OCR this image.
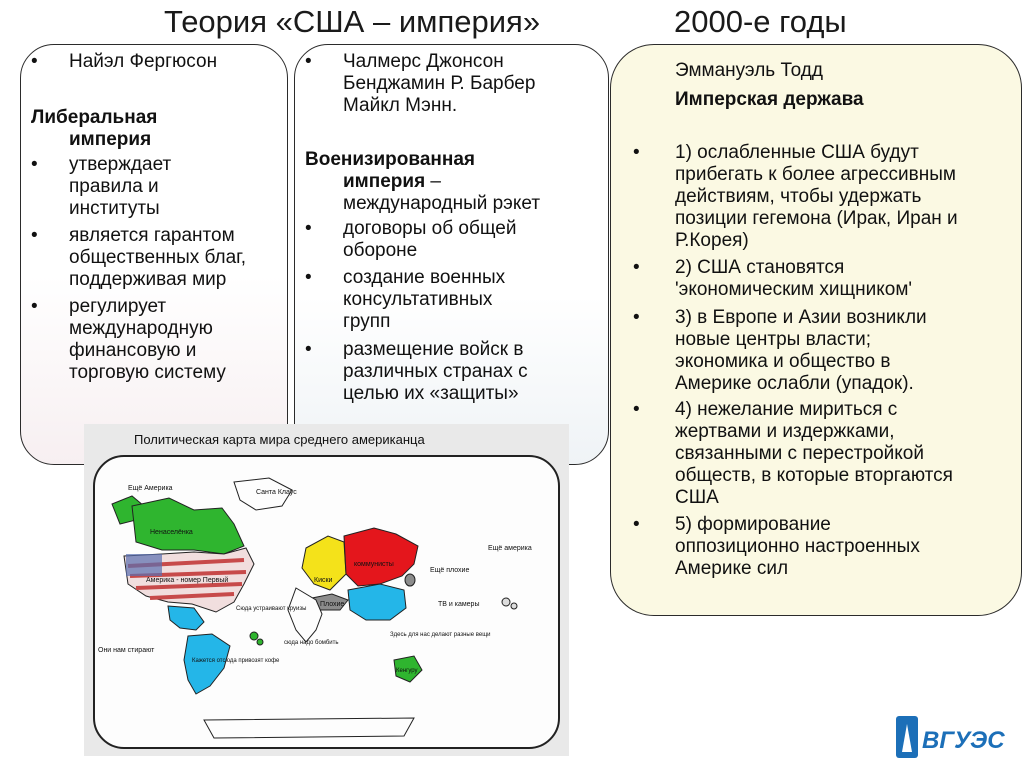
Теория «США – империя»	2000-е годы
• Найэл Фергюсон
Либеральная
империя
• утверждает
правила и
институты
• является гарантом
общественных благ,
поддерживая мир
• регулирует
международную
финансовую и
торговую систему
• Чалмерс Джонсон
Бенджамин Р. Барбер
Майкл Мэнн.
Военизированная
империя –
международный рэкет
• договоры об общей
обороне
• создание военных
консультативных
групп
• размещение войск в
различных странах с
целью их «защиты»
Эммануэль Тодд
Имперская держава
• 1) ослабленные США будут
прибегать к более агрессивным
действиям, чтобы удержать
позиции гегемона (Ирак, Иран и
Р.Корея)
• 2) США становятся
'экономическим хищником'
• 3) в Европе и Азии возникли
новые центры власти;
экономика и общество в
Америке ослабли (упадок).
• 4) нежелание мириться с
жертвами и издержками,
связанными с перестройкой
обществ, в которые вторгаются
США
• 5) формирование
оппозиционно настроенных
Америке сил
Политическая карта мира среднего американца
Ещё Америка
Санта Клаус
Ненаселёнка
Америка - номер Первый
Сюда устраивают круизы
Они нам стирают
Кажется отсюда привозят кофе
сюда надо бомбить
коммунисты
Киски
Плохие
Ещё плохие
ТВ и камеры
Здесь для нас делают разные вещи
Ещё америка
Кенгуру
ВГУЭС
